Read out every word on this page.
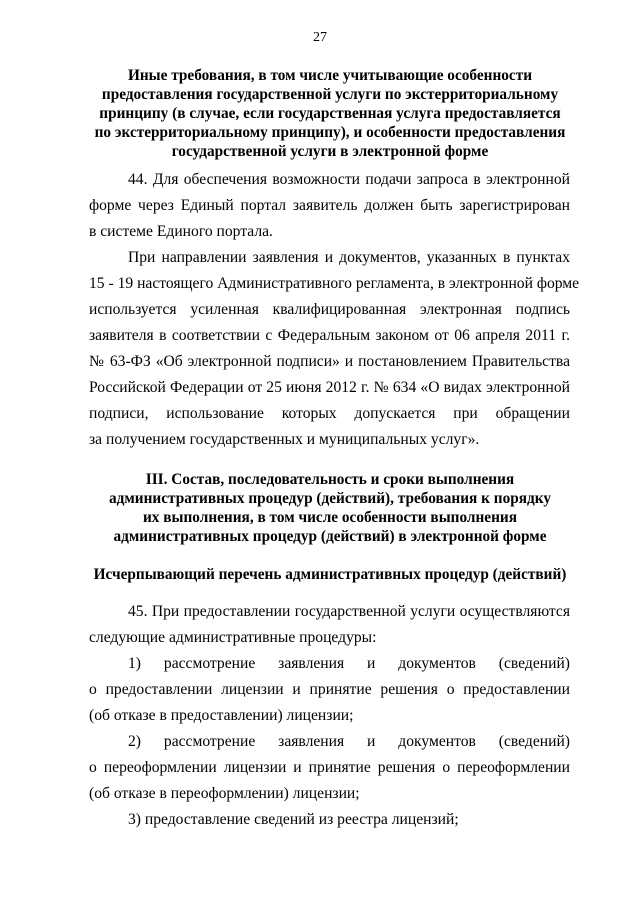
27
Иные требования, в том числе учитывающие особенности
предоставления государственной услуги по экстерриториальному
принципу (в случае, если государственная услуга предоставляется
по экстерриториальному принципу), и особенности предоставления
государственной услуги в электронной форме
44. Для обеспечения возможности подачи запроса в электронной
форме через Единый портал заявитель должен быть зарегистрирован
в системе Единого портала.
При направлении заявления и документов, указанных в пунктах
15 - 19 настоящего Административного регламента, в электронной форме
используется усиленная квалифицированная электронная подпись
заявителя в соответствии с Федеральным законом от 06 апреля 2011 г.
№ 63-ФЗ «Об электронной подписи» и постановлением Правительства
Российской Федерации от 25 июня 2012 г. № 634 «О видах электронной
подписи, использование которых допускается при обращении
за получением государственных и муниципальных услуг».
III. Состав, последовательность и сроки выполнения
административных процедур (действий), требования к порядку
их выполнения, в том числе особенности выполнения
административных процедур (действий) в электронной форме
Исчерпывающий перечень административных процедур (действий)
45. При предоставлении государственной услуги осуществляются
следующие административные процедуры:
1) рассмотрение заявления и документов (сведений)
о предоставлении лицензии и принятие решения о предоставлении
(об отказе в предоставлении) лицензии;
2) рассмотрение заявления и документов (сведений)
о переоформлении лицензии и принятие решения о переоформлении
(об отказе в переоформлении) лицензии;
3) предоставление сведений из реестра лицензий;
